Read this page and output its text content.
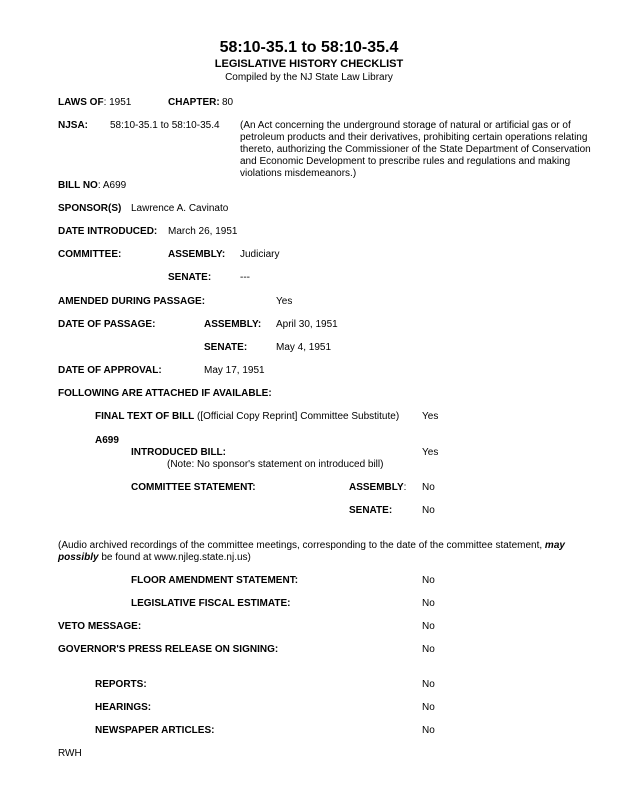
58:10-35.1 to 58:10-35.4
LEGISLATIVE HISTORY CHECKLIST
Compiled by the NJ State Law Library
LAWS OF: 1951	CHAPTER: 80
NJSA: 58:10-35.1 to 58:10-35.4 (An Act concerning the underground storage of natural or artificial gas or of petroleum products and their derivatives, prohibiting certain operations relating thereto, authorizing the Commissioner of the State Department of Conservation and Economic Development to prescribe rules and regulations and making violations misdemeanors.)
BILL NO: A699
SPONSOR(S) Lawrence A. Cavinato
DATE INTRODUCED: March 26, 1951
COMMITTEE:	ASSEMBLY: Judiciary
SENATE:	---
AMENDED DURING PASSAGE:	Yes
DATE OF PASSAGE:	ASSEMBLY: April 30, 1951
SENATE:	May 4, 1951
DATE OF APPROVAL:	May 17, 1951
FOLLOWING ARE ATTACHED IF AVAILABLE:
FINAL TEXT OF BILL ([Official Copy Reprint] Committee Substitute) Yes
A699
INTRODUCED BILL:	Yes
(Note: No sponsor's statement on introduced bill)
COMMITTEE STATEMENT:	ASSEMBLY: No
SENATE:	No
(Audio archived recordings of the committee meetings, corresponding to the date of the committee statement, may possibly be found at www.njleg.state.nj.us)
FLOOR AMENDMENT STATEMENT:	No
LEGISLATIVE FISCAL ESTIMATE:	No
VETO MESSAGE:	No
GOVERNOR'S PRESS RELEASE ON SIGNING:	No
REPORTS:	No
HEARINGS:	No
NEWSPAPER ARTICLES:	No
RWH
